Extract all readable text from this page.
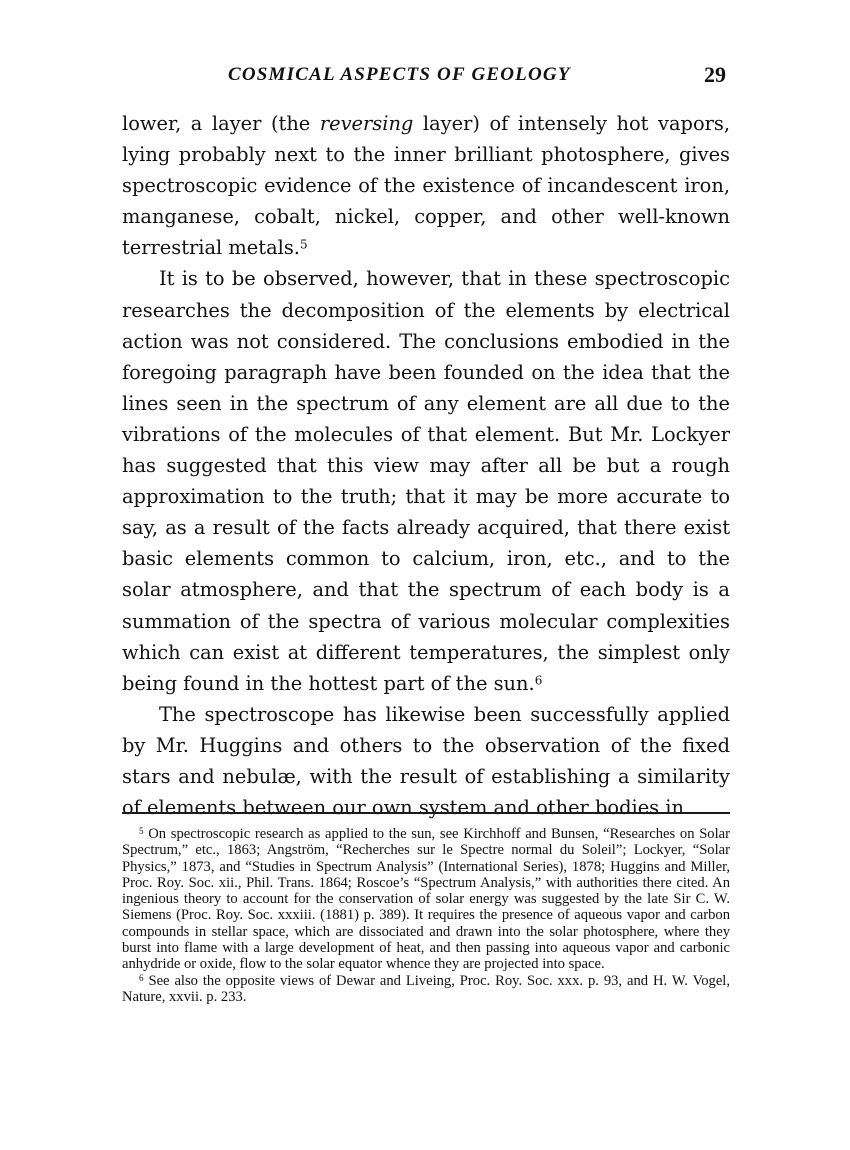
COSMICAL ASPECTS OF GEOLOGY	29

lower, a layer (the reversing layer) of intensely hot vapors, lying probably next to the inner brilliant photosphere, gives spectroscopic evidence of the existence of incandescent iron, manganese, cobalt, nickel, copper, and other well-known terrestrial metals.$^5$

It is to be observed, however, that in these spectroscopic researches the decomposition of the elements by electrical action was not considered. The conclusions embodied in the foregoing paragraph have been founded on the idea that the lines seen in the spectrum of any element are all due to the vibrations of the molecules of that element. But Mr. Lockyer has suggested that this view may after all be but a rough approximation to the truth; that it may be more accurate to say, as a result of the facts already acquired, that there exist basic elements common to calcium, iron, etc., and to the solar atmosphere, and that the spectrum of each body is a summation of the spectra of various molecular complexities which can exist at different temperatures, the simplest only being found in the hottest part of the sun.$^6$

The spectroscope has likewise been successfully applied by Mr. Huggins and others to the observation of the fixed stars and nebulæ, with the result of establishing a similarity of elements between our own system and other bodies in

$^5$ On spectroscopic research as applied to the sun, see Kirchhoff and Bunsen, “Researches on Solar Spectrum,” etc., 1863; Angström, “Recherches sur le Spectre normal du Soleil”; Lockyer, “Solar Physics,” 1873, and “Studies in Spectrum Analysis” (International Series), 1878; Huggins and Miller, Proc. Roy. Soc. xii., Phil. Trans. 1864; Roscoe’s “Spectrum Analysis,” with authorities there cited. An ingenious theory to account for the conservation of solar energy was suggested by the late Sir C. W. Siemens (Proc. Roy. Soc. xxxiii. (1881) p. 389). It requires the presence of aqueous vapor and carbon compounds in stellar space, which are dissociated and drawn into the solar photosphere, where they burst into flame with a large development of heat, and then passing into aqueous vapor and carbonic anhydride or oxide, flow to the solar equator whence they are projected into space.

$^6$ See also the opposite views of Dewar and Liveing, Proc. Roy. Soc. xxx. p. 93, and H. W. Vogel, Nature, xxvii. p. 233.
